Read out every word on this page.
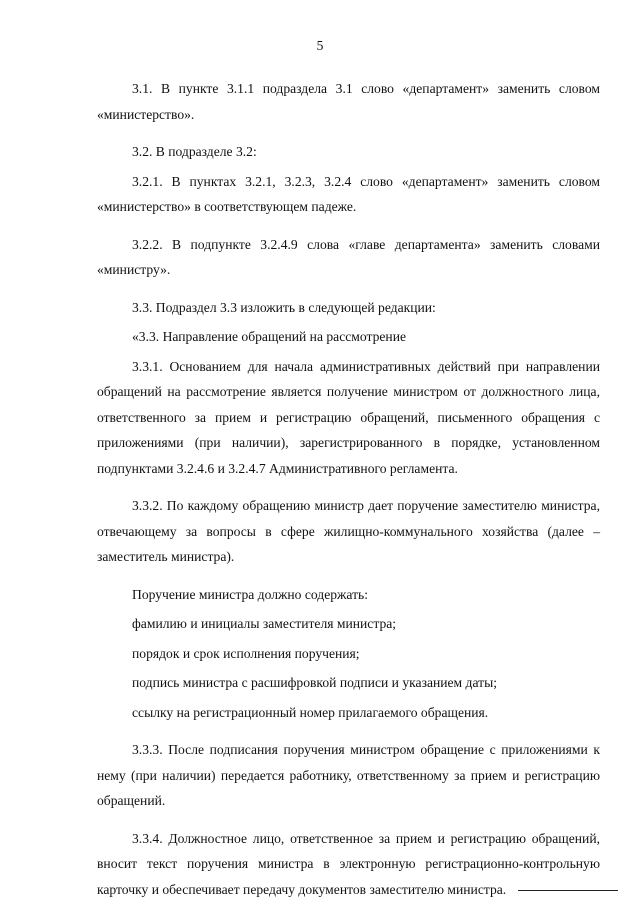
5

3.1. В пункте 3.1.1 подраздела 3.1 слово «департамент» заменить словом «министерство».

3.2. В подразделе 3.2:

3.2.1. В пунктах 3.2.1, 3.2.3, 3.2.4 слово «департамент» заменить словом «министерство» в соответствующем падеже.

3.2.2. В подпункте 3.2.4.9 слова «главе департамента» заменить словами «министру».

3.3. Подраздел 3.3 изложить в следующей редакции:

«3.3. Направление обращений на рассмотрение

3.3.1. Основанием для начала административных действий при направлении обращений на рассмотрение является получение министром от должностного лица, ответственного за прием и регистрацию обращений, письменного обращения с приложениями (при наличии), зарегистрированного в порядке, установленном подпунктами 3.2.4.6 и 3.2.4.7 Административного регламента.

3.3.2. По каждому обращению министр дает поручение заместителю министра, отвечающему за вопросы в сфере жилищно-коммунального хозяйства (далее – заместитель министра).

Поручение министра должно содержать:

фамилию и инициалы заместителя министра;

порядок и срок исполнения поручения;

подпись министра с расшифровкой подписи и указанием даты;

ссылку на регистрационный номер прилагаемого обращения.

3.3.3. После подписания поручения министром обращение с приложениями к нему (при наличии) передается работнику, ответственному за прием и регистрацию обращений.

3.3.4. Должностное лицо, ответственное за прием и регистрацию обращений, вносит текст поручения министра в электронную регистрационно-контрольную карточку и обеспечивает передачу документов заместителю министра.
